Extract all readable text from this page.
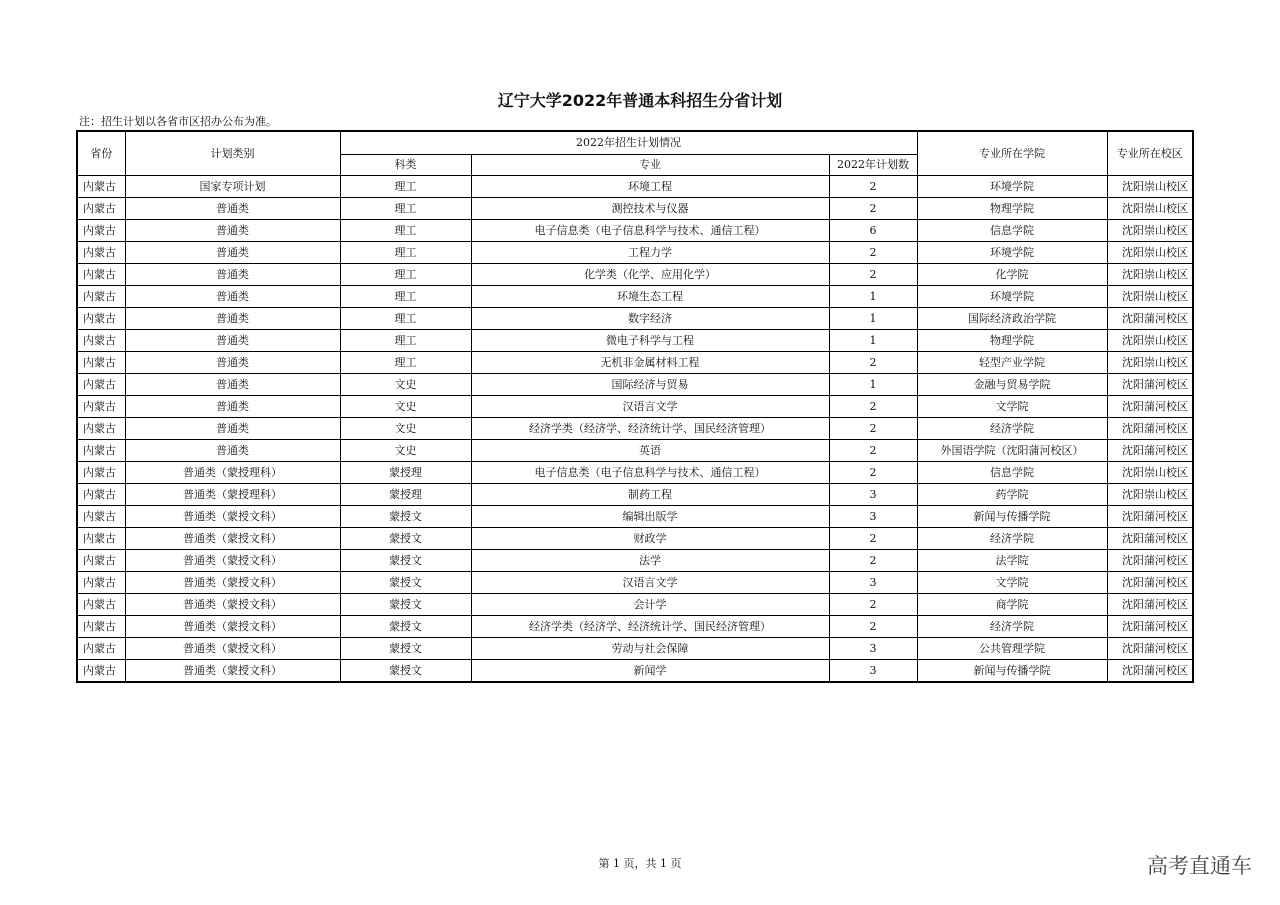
辽宁大学2022年普通本科招生分省计划
注：招生计划以各省市区招办公布为准。
省份	计划类别	2022年招生计划情况			专业所在学院	专业所在校区
		科类	专业	2022年计划数		
内蒙古	国家专项计划	理工	环境工程	2	环境学院	沈阳崇山校区
内蒙古	普通类	理工	测控技术与仪器	2	物理学院	沈阳崇山校区
内蒙古	普通类	理工	电子信息类（电子信息科学与技术、通信工程）	6	信息学院	沈阳崇山校区
内蒙古	普通类	理工	工程力学	2	环境学院	沈阳崇山校区
内蒙古	普通类	理工	化学类（化学、应用化学）	2	化学院	沈阳崇山校区
内蒙古	普通类	理工	环境生态工程	1	环境学院	沈阳崇山校区
内蒙古	普通类	理工	数字经济	1	国际经济政治学院	沈阳蒲河校区
内蒙古	普通类	理工	微电子科学与工程	1	物理学院	沈阳崇山校区
内蒙古	普通类	理工	无机非金属材料工程	2	轻型产业学院	沈阳崇山校区
内蒙古	普通类	文史	国际经济与贸易	1	金融与贸易学院	沈阳蒲河校区
内蒙古	普通类	文史	汉语言文学	2	文学院	沈阳蒲河校区
内蒙古	普通类	文史	经济学类（经济学、经济统计学、国民经济管理）	2	经济学院	沈阳蒲河校区
内蒙古	普通类	文史	英语	2	外国语学院（沈阳蒲河校区）	沈阳蒲河校区
内蒙古	普通类（蒙授理科）	蒙授理	电子信息类（电子信息科学与技术、通信工程）	2	信息学院	沈阳崇山校区
内蒙古	普通类（蒙授理科）	蒙授理	制药工程	3	药学院	沈阳崇山校区
内蒙古	普通类（蒙授文科）	蒙授文	编辑出版学	3	新闻与传播学院	沈阳蒲河校区
内蒙古	普通类（蒙授文科）	蒙授文	财政学	2	经济学院	沈阳蒲河校区
内蒙古	普通类（蒙授文科）	蒙授文	法学	2	法学院	沈阳蒲河校区
内蒙古	普通类（蒙授文科）	蒙授文	汉语言文学	3	文学院	沈阳蒲河校区
内蒙古	普通类（蒙授文科）	蒙授文	会计学	2	商学院	沈阳蒲河校区
内蒙古	普通类（蒙授文科）	蒙授文	经济学类（经济学、经济统计学、国民经济管理）	2	经济学院	沈阳蒲河校区
内蒙古	普通类（蒙授文科）	蒙授文	劳动与社会保障	3	公共管理学院	沈阳蒲河校区
内蒙古	普通类（蒙授文科）	蒙授文	新闻学	3	新闻与传播学院	沈阳蒲河校区
第 1 页，共 1 页	高考直通车
